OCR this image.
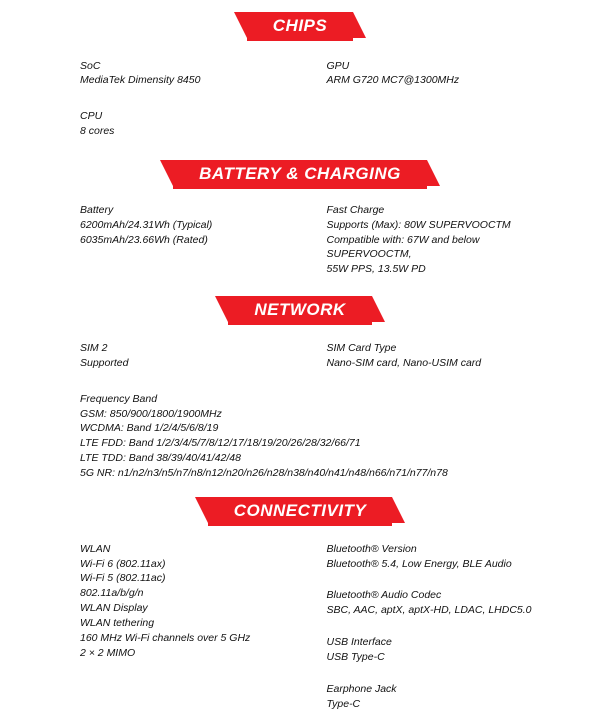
CHIPS
SoC
MediaTek Dimensity 8450
CPU
8 cores
GPU
ARM G720 MC7@1300MHz
BATTERY & CHARGING
Battery
6200mAh/24.31Wh (Typical)
6035mAh/23.66Wh (Rated)
Fast Charge
Supports (Max): 80W SUPERVOOCTM
Compatible with: 67W and below SUPERVOOCTM,
55W PPS, 13.5W PD
NETWORK
SIM 2
Supported
SIM Card Type
Nano-SIM card, Nano-USIM card
Frequency Band
GSM: 850/900/1800/1900MHz
WCDMA: Band 1/2/4/5/6/8/19
LTE FDD: Band 1/2/3/4/5/7/8/12/17/18/19/20/26/28/32/66/71
LTE TDD: Band 38/39/40/41/42/48
5G NR: n1/n2/n3/n5/n7/n8/n12/n20/n26/n28/n38/n40/n41/n48/n66/n71/n77/n78
CONNECTIVITY
WLAN
Wi-Fi 6 (802.11ax)
Wi-Fi 5 (802.11ac)
802.11a/b/g/n
WLAN Display
WLAN tethering
160 MHz Wi-Fi channels over 5 GHz
2 × 2 MIMO
Bluetooth® Version
Bluetooth® 5.4, Low Energy, BLE Audio
Bluetooth® Audio Codec
SBC, AAC, aptX, aptX-HD, LDAC, LHDC5.0
USB Interface
USB Type-C
Earphone Jack
Type-C
